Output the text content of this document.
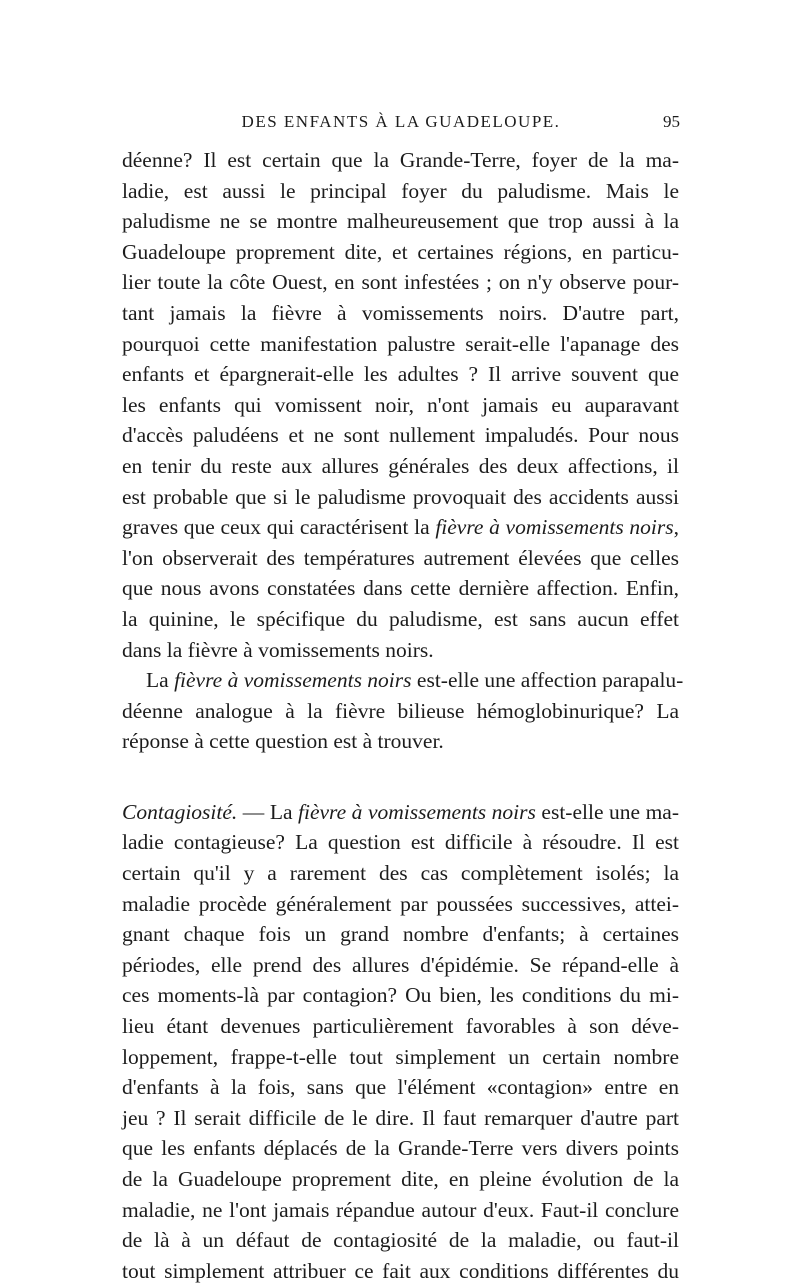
DES ENFANTS À LA GUADELOUPE.	95
déenne? Il est certain que la Grande-Terre, foyer de la ma-
ladie, est aussi le principal foyer du paludisme. Mais le
paludisme ne se montre malheureusement que trop aussi à la
Guadeloupe proprement dite, et certaines régions, en particu-
lier toute la côte Ouest, en sont infestées ; on n'y observe pour-
tant jamais la fièvre à vomissements noirs. D'autre part,
pourquoi cette manifestation palustre serait-elle l'apanage des
enfants et épargnerait-elle les adultes ? Il arrive souvent que
les enfants qui vomissent noir, n'ont jamais eu auparavant
d'accès paludéens et ne sont nullement impaludés. Pour nous
en tenir du reste aux allures générales des deux affections, il
est probable que si le paludisme provoquait des accidents aussi
graves que ceux qui caractérisent la fièvre à vomissements noirs,
l'on observerait des températures autrement élevées que celles
que nous avons constatées dans cette dernière affection. Enfin,
la quinine, le spécifique du paludisme, est sans aucun effet
dans la fièvre à vomissements noirs.
La fièvre à vomissements noirs est-elle une affection parapalu-
déenne analogue à la fièvre bilieuse hémoglobinurique? La
réponse à cette question est à trouver.
Contagiosité. — La fièvre à vomissements noirs est-elle une ma-
ladie contagieuse? La question est difficile à résoudre. Il est
certain qu'il y a rarement des cas complètement isolés; la
maladie procède généralement par poussées successives, attei-
gnant chaque fois un grand nombre d'enfants; à certaines
périodes, elle prend des allures d'épidémie. Se répand-elle à
ces moments-là par contagion? Ou bien, les conditions du mi-
lieu étant devenues particulièrement favorables à son déve-
loppement, frappe-t-elle tout simplement un certain nombre
d'enfants à la fois, sans que l'élément «contagion» entre en
jeu ? Il serait difficile de le dire. Il faut remarquer d'autre part
que les enfants déplacés de la Grande-Terre vers divers points
de la Guadeloupe proprement dite, en pleine évolution de la
maladie, ne l'ont jamais répandue autour d'eux. Faut-il conclure
de là à un défaut de contagiosité de la maladie, ou faut-il
tout simplement attribuer ce fait aux conditions différentes du
